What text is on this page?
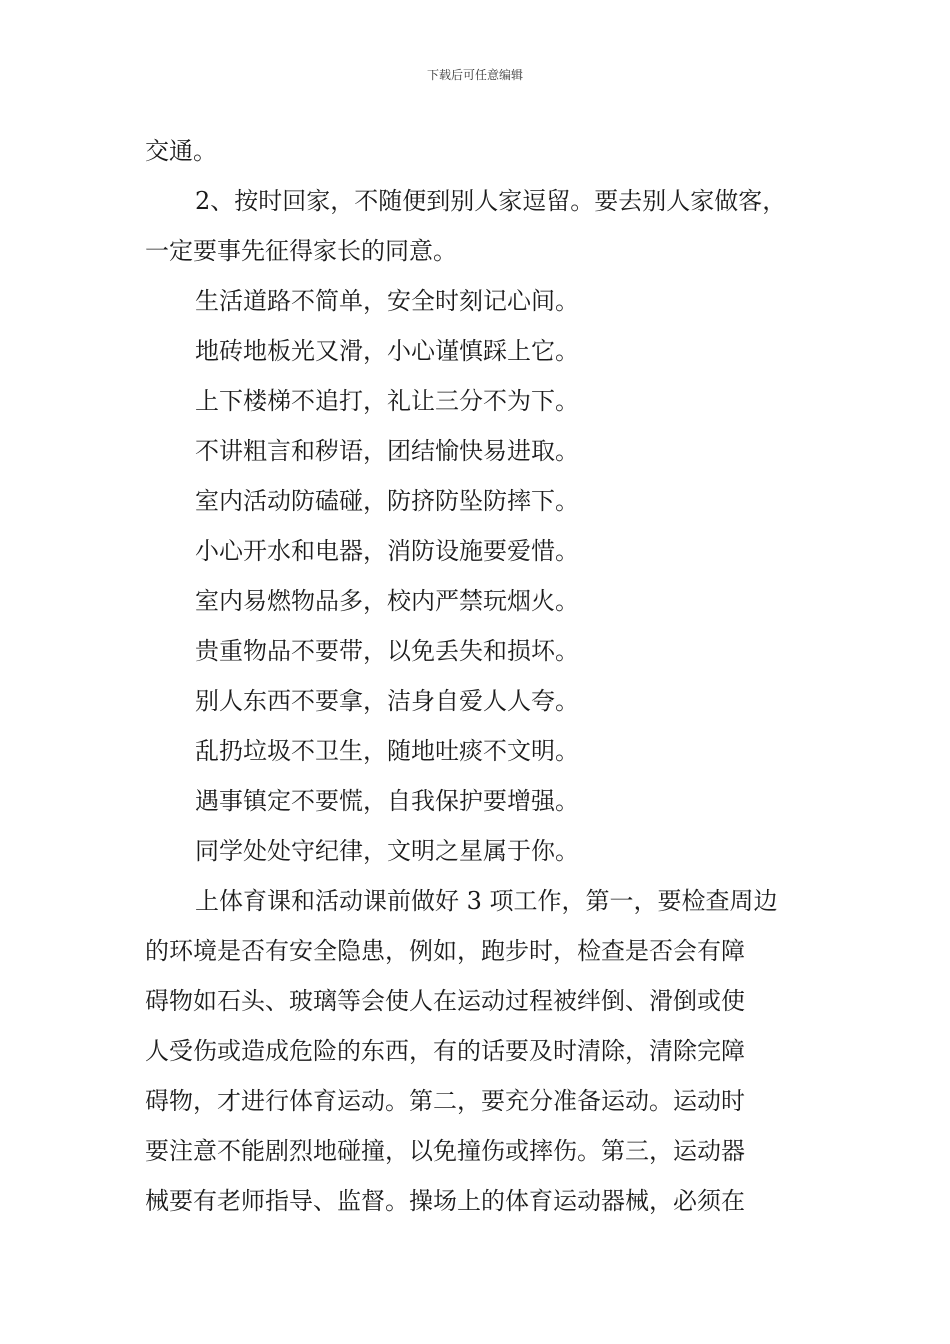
下载后可任意编辑
交通。
2、按时回家，不随便到别人家逗留。要去别人家做客，
一定要事先征得家长的同意。
生活道路不简单，安全时刻记心间。
地砖地板光又滑，小心谨慎踩上它。
上下楼梯不追打，礼让三分不为下。
不讲粗言和秽语，团结愉快易进取。
室内活动防磕碰，防挤防坠防摔下。
小心开水和电器，消防设施要爱惜。
室内易燃物品多，校内严禁玩烟火。
贵重物品不要带，以免丢失和损坏。
别人东西不要拿，洁身自爱人人夸。
乱扔垃圾不卫生，随地吐痰不文明。
遇事镇定不要慌，自我保护要增强。
同学处处守纪律，文明之星属于你。
上体育课和活动课前做好 3 项工作，第一，要检查周边
的环境是否有安全隐患，例如，跑步时，检查是否会有障
碍物如石头、玻璃等会使人在运动过程被绊倒、滑倒或使
人受伤或造成危险的东西，有的话要及时清除，清除完障
碍物，才进行体育运动。第二，要充分准备运动。运动时
要注意不能剧烈地碰撞，以免撞伤或摔伤。第三，运动器
械要有老师指导、监督。操场上的体育运动器械，必须在
